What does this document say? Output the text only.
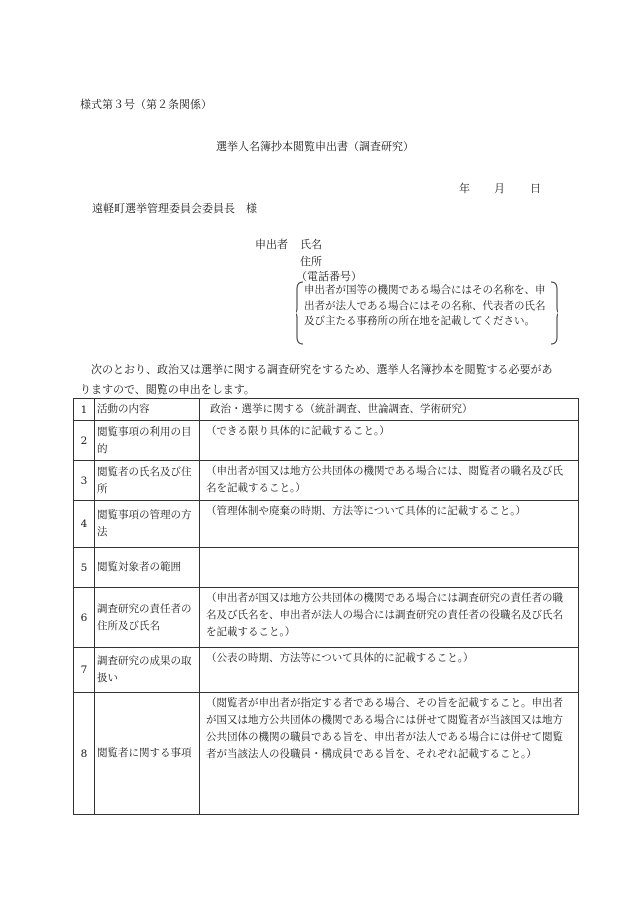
様式第３号（第２条関係）
選挙人名簿抄本閲覧申出書（調査研究）
年 月 日
遠軽町選挙管理委員会委員長　様
申出者 氏名
住所
（電話番号）
申出者が国等の機関である場合にはその名称を、申出者が法人である場合にはその名称、代表者の氏名及び主たる事務所の所在地を記載してください。
次のとおり、政治又は選挙に関する調査研究をするため、選挙人名簿抄本を閲覧する必要がありますので、閲覧の申出をします。
1	活動の内容	政治・選挙に関する（統計調査、世論調査、学術研究）
2	閲覧事項の利用の目的	（できる限り具体的に記載すること。）
3	閲覧者の氏名及び住所	（申出者が国又は地方公共団体の機関である場合には、閲覧者の職名及び氏名を記載すること。）
4	閲覧事項の管理の方法	（管理体制や廃棄の時期、方法等について具体的に記載すること。）
5	閲覧対象者の範囲	
6	調査研究の責任者の住所及び氏名	（申出者が国又は地方公共団体の機関である場合には調査研究の責任者の職名及び氏名を、申出者が法人の場合には調査研究の責任者の役職名及び氏名を記載すること。）
7	調査研究の成果の取扱い	（公表の時期、方法等について具体的に記載すること。）
8	閲覧者に関する事項	（閲覧者が申出者が指定する者である場合、その旨を記載すること。申出者が国又は地方公共団体の機関である場合には併せて閲覧者が当該国又は地方公共団体の機関の職員である旨を、申出者が法人である場合には併せて閲覧者が当該法人の役職員・構成員である旨を、それぞれ記載すること。）
